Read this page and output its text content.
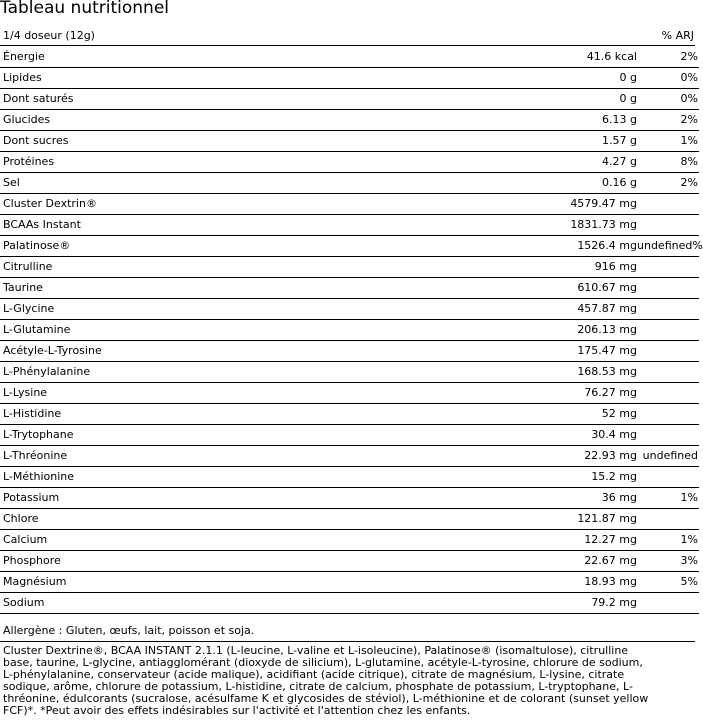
Tableau nutritionnel
1/4 doseur (12g)	% ARJ
Énergie	41.6 kcal	2%
Lipides	0 g	0%
Dont saturés	0 g	0%
Glucides	6.13 g	2%
Dont sucres	1.57 g	1%
Protéines	4.27 g	8%
Sel	0.16 g	2%
Cluster Dextrin®	4579.47 mg	
BCAAs Instant	1831.73 mg	
Palatinose®	1526.4 mg	undefined%
Citrulline	916 mg	
Taurine	610.67 mg	
L-Glycine	457.87 mg	
L-Glutamine	206.13 mg	
Acétyle-L-Tyrosine	175.47 mg	
L-Phénylalanine	168.53 mg	
L-Lysine	76.27 mg	
L-Histidine	52 mg	
L-Trytophane	30.4 mg	
L-Thréonine	22.93 mg	undefined
L-Méthionine	15.2 mg	
Potassium	36 mg	1%
Chlore	121.87 mg	
Calcium	12.27 mg	1%
Phosphore	22.67 mg	3%
Magnésium	18.93 mg	5%
Sodium	79.2 mg	
Allergène : Gluten, œufs, lait, poisson et soja.

Cluster Dextrine®, BCAA INSTANT 2.1.1 (L-leucine, L-valine et L-isoleucine), Palatinose® (isomaltulose), citrulline base, taurine, L-glycine, antiagglomérant (dioxyde de silicium), L-glutamine, acétyle-L-tyrosine, chlorure de sodium, L-phénylalanine, conservateur (acide malique), acidifiant (acide citrique), citrate de magnésium, L-lysine, citrate sodique, arôme, chlorure de potassium, L-histidine, citrate de calcium, phosphate de potassium, L-tryptophane, L-thréonine, édulcorants (sucralose, acésulfame K et glycosides de stéviol), L-méthionine et de colorant (sunset yellow FCF)*. *Peut avoir des effets indésirables sur l'activité et l'attention chez les enfants.
